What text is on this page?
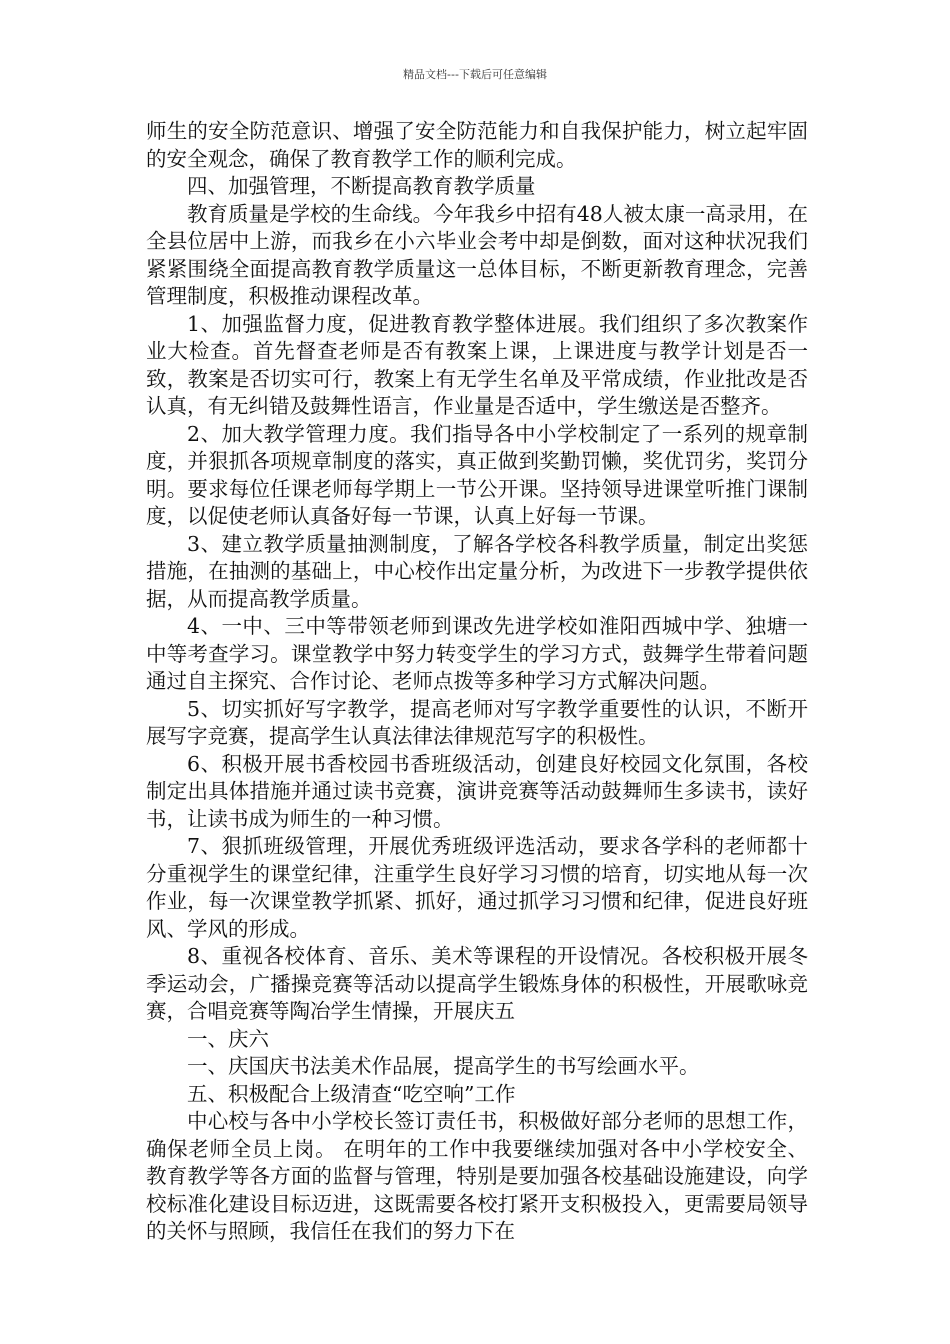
精品文档---下载后可任意编辑

师生的安全防范意识、增强了安全防范能力和自我保护能力，树立起牢固的安全观念，确保了教育教学工作的顺利完成。

四、加强管理，不断提高教育教学质量

教育质量是学校的生命线。今年我乡中招有48人被太康一高录用，在全县位居中上游，而我乡在小六毕业会考中却是倒数，面对这种状况我们紧紧围绕全面提高教育教学质量这一总体目标，不断更新教育理念，完善管理制度，积极推动课程改革。

1、加强监督力度，促进教育教学整体进展。我们组织了多次教案作业大检查。首先督查老师是否有教案上课，上课进度与教学计划是否一致，教案是否切实可行，教案上有无学生名单及平常成绩，作业批改是否认真，有无纠错及鼓舞性语言，作业量是否适中，学生缴送是否整齐。

2、加大教学管理力度。我们指导各中小学校制定了一系列的规章制度，并狠抓各项规章制度的落实，真正做到奖勤罚懒，奖优罚劣，奖罚分明。要求每位任课老师每学期上一节公开课。坚持领导进课堂听推门课制度，以促使老师认真备好每一节课，认真上好每一节课。

3、建立教学质量抽测制度，了解各学校各科教学质量，制定出奖惩措施，在抽测的基础上，中心校作出定量分析，为改进下一步教学提供依据，从而提高教学质量。

4、一中、三中等带领老师到课改先进学校如淮阳西城中学、独塘一中等考查学习。课堂教学中努力转变学生的学习方式，鼓舞学生带着问题通过自主探究、合作讨论、老师点拨等多种学习方式解决问题。

5、切实抓好写字教学，提高老师对写字教学重要性的认识，不断开展写字竞赛，提高学生认真法律法律规范写字的积极性。

6、积极开展书香校园书香班级活动，创建良好校园文化氛围，各校制定出具体措施并通过读书竞赛，演讲竞赛等活动鼓舞师生多读书，读好书，让读书成为师生的一种习惯。

7、狠抓班级管理，开展优秀班级评选活动，要求各学科的老师都十分重视学生的课堂纪律，注重学生良好学习习惯的培育，切实地从每一次作业，每一次课堂教学抓紧、抓好，通过抓学习习惯和纪律，促进良好班风、学风的形成。

8、重视各校体育、音乐、美术等课程的开设情况。各校积极开展冬季运动会，广播操竞赛等活动以提高学生锻炼身体的积极性，开展歌咏竞赛，合唱竞赛等陶冶学生情操，开展庆五

一、庆六

一、庆国庆书法美术作品展，提高学生的书写绘画水平。

五、积极配合上级清查“吃空响”工作

中心校与各中小学校长签订责任书，积极做好部分老师的思想工作，确保老师全员上岗。 在明年的工作中我要继续加强对各中小学校安全、教育教学等各方面的监督与管理，特别是要加强各校基础设施建设，向学校标准化建设目标迈进，这既需要各校打紧开支积极投入，更需要局领导的关怀与照顾，我信任在我们的努力下在
